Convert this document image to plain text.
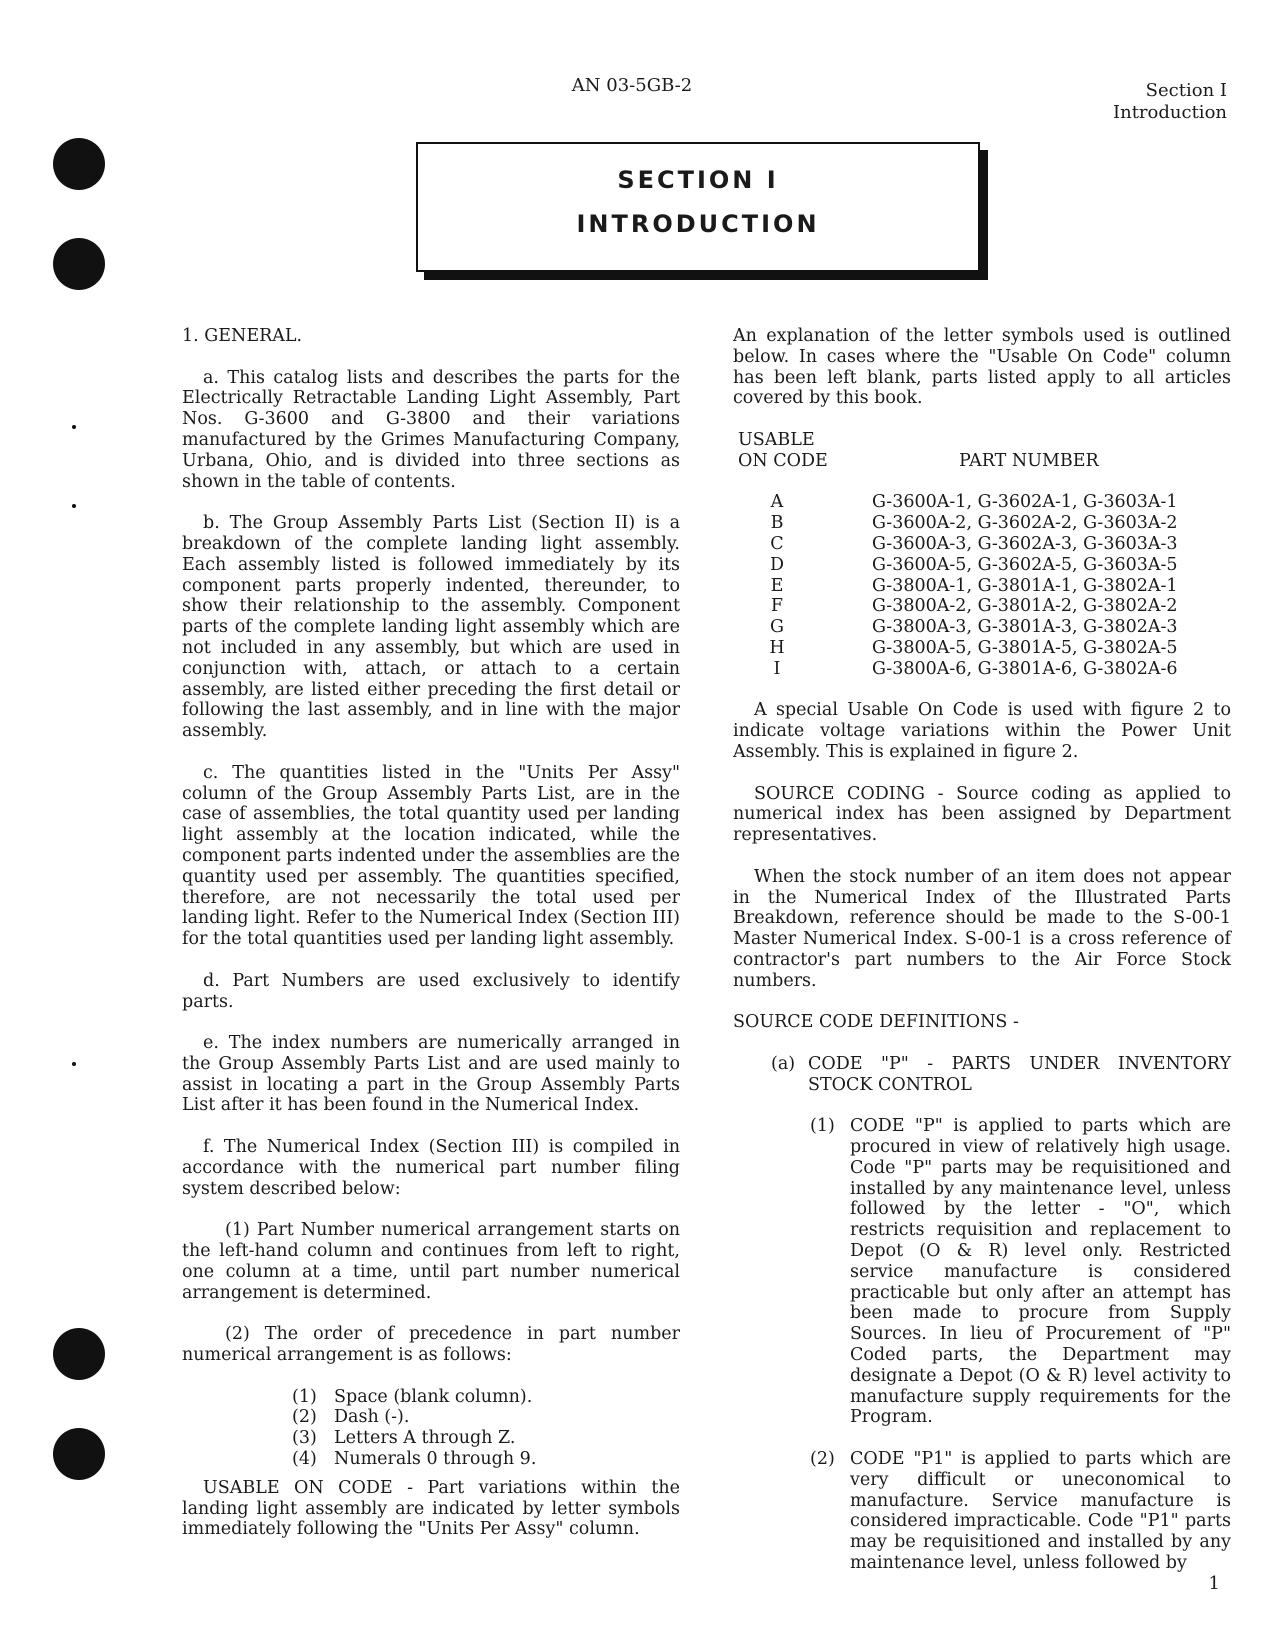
AN 03-5GB-2	Section I
Introduction
SECTION I
INTRODUCTION

1. GENERAL.

a. This catalog lists and describes the parts for the Electrically Retractable Landing Light Assembly, Part Nos. G-3600 and G-3800 and their variations manufactured by the Grimes Manufacturing Company, Urbana, Ohio, and is divided into three sections as shown in the table of contents.

b. The Group Assembly Parts List (Section II) is a breakdown of the complete landing light assembly. Each assembly listed is followed immediately by its component parts properly indented, thereunder, to show their relationship to the assembly. Component parts of the complete landing light assembly which are not included in any assembly, but which are used in conjunction with, attach, or attach to a certain assembly, are listed either preceding the first detail or following the last assembly, and in line with the major assembly.

c. The quantities listed in the "Units Per Assy" column of the Group Assembly Parts List, are in the case of assemblies, the total quantity used per landing light assembly at the location indicated, while the component parts indented under the assemblies are the quantity used per assembly. The quantities specified, therefore, are not necessarily the total used per landing light. Refer to the Numerical Index (Section III) for the total quantities used per landing light assembly.

d. Part Numbers are used exclusively to identify parts.

e. The index numbers are numerically arranged in the Group Assembly Parts List and are used mainly to assist in locating a part in the Group Assembly Parts List after it has been found in the Numerical Index.

f. The Numerical Index (Section III) is compiled in accordance with the numerical part number filing system described below:

(1) Part Number numerical arrangement starts on the left-hand column and continues from left to right, one column at a time, until part number numerical arrangement is determined.

(2) The order of precedence in part number numerical arrangement is as follows:

(1) Space (blank column).
(2) Dash (-).
(3) Letters A through Z.
(4) Numerals 0 through 9.

USABLE ON CODE - Part variations within the landing light assembly are indicated by letter symbols immediately following the "Units Per Assy" column.

An explanation of the letter symbols used is outlined below. In cases where the "Usable On Code" column has been left blank, parts listed apply to all articles covered by this book.

USABLE
ON CODE	PART NUMBER
A	G-3600A-1, G-3602A-1, G-3603A-1
B	G-3600A-2, G-3602A-2, G-3603A-2
C	G-3600A-3, G-3602A-3, G-3603A-3
D	G-3600A-5, G-3602A-5, G-3603A-5
E	G-3800A-1, G-3801A-1, G-3802A-1
F	G-3800A-2, G-3801A-2, G-3802A-2
G	G-3800A-3, G-3801A-3, G-3802A-3
H	G-3800A-5, G-3801A-5, G-3802A-5
I	G-3800A-6, G-3801A-6, G-3802A-6

A special Usable On Code is used with figure 2 to indicate voltage variations within the Power Unit Assembly. This is explained in figure 2.

SOURCE CODING - Source coding as applied to numerical index has been assigned by Department representatives.

When the stock number of an item does not appear in the Numerical Index of the Illustrated Parts Breakdown, reference should be made to the S-00-1 Master Numerical Index. S-00-1 is a cross reference of contractor's part numbers to the Air Force Stock numbers.

SOURCE CODE DEFINITIONS -

(a) CODE "P" - PARTS UNDER INVENTORY STOCK CONTROL
(1) CODE "P" is applied to parts which are procured in view of relatively high usage. Code "P" parts may be requisitioned and installed by any maintenance level, unless followed by the letter - "O", which restricts requisition and replacement to Depot (O & R) level only. Restricted service manufacture is considered practicable but only after an attempt has been made to procure from Supply Sources. In lieu of Procurement of "P" Coded parts, the Department may designate a Depot (O & R) level activity to manufacture supply requirements for the Program.
(2) CODE "P1" is applied to parts which are very difficult or uneconomical to manufacture. Service manufacture is considered impracticable. Code "P1" parts may be requisitioned and installed by any maintenance level, unless followed by
1
